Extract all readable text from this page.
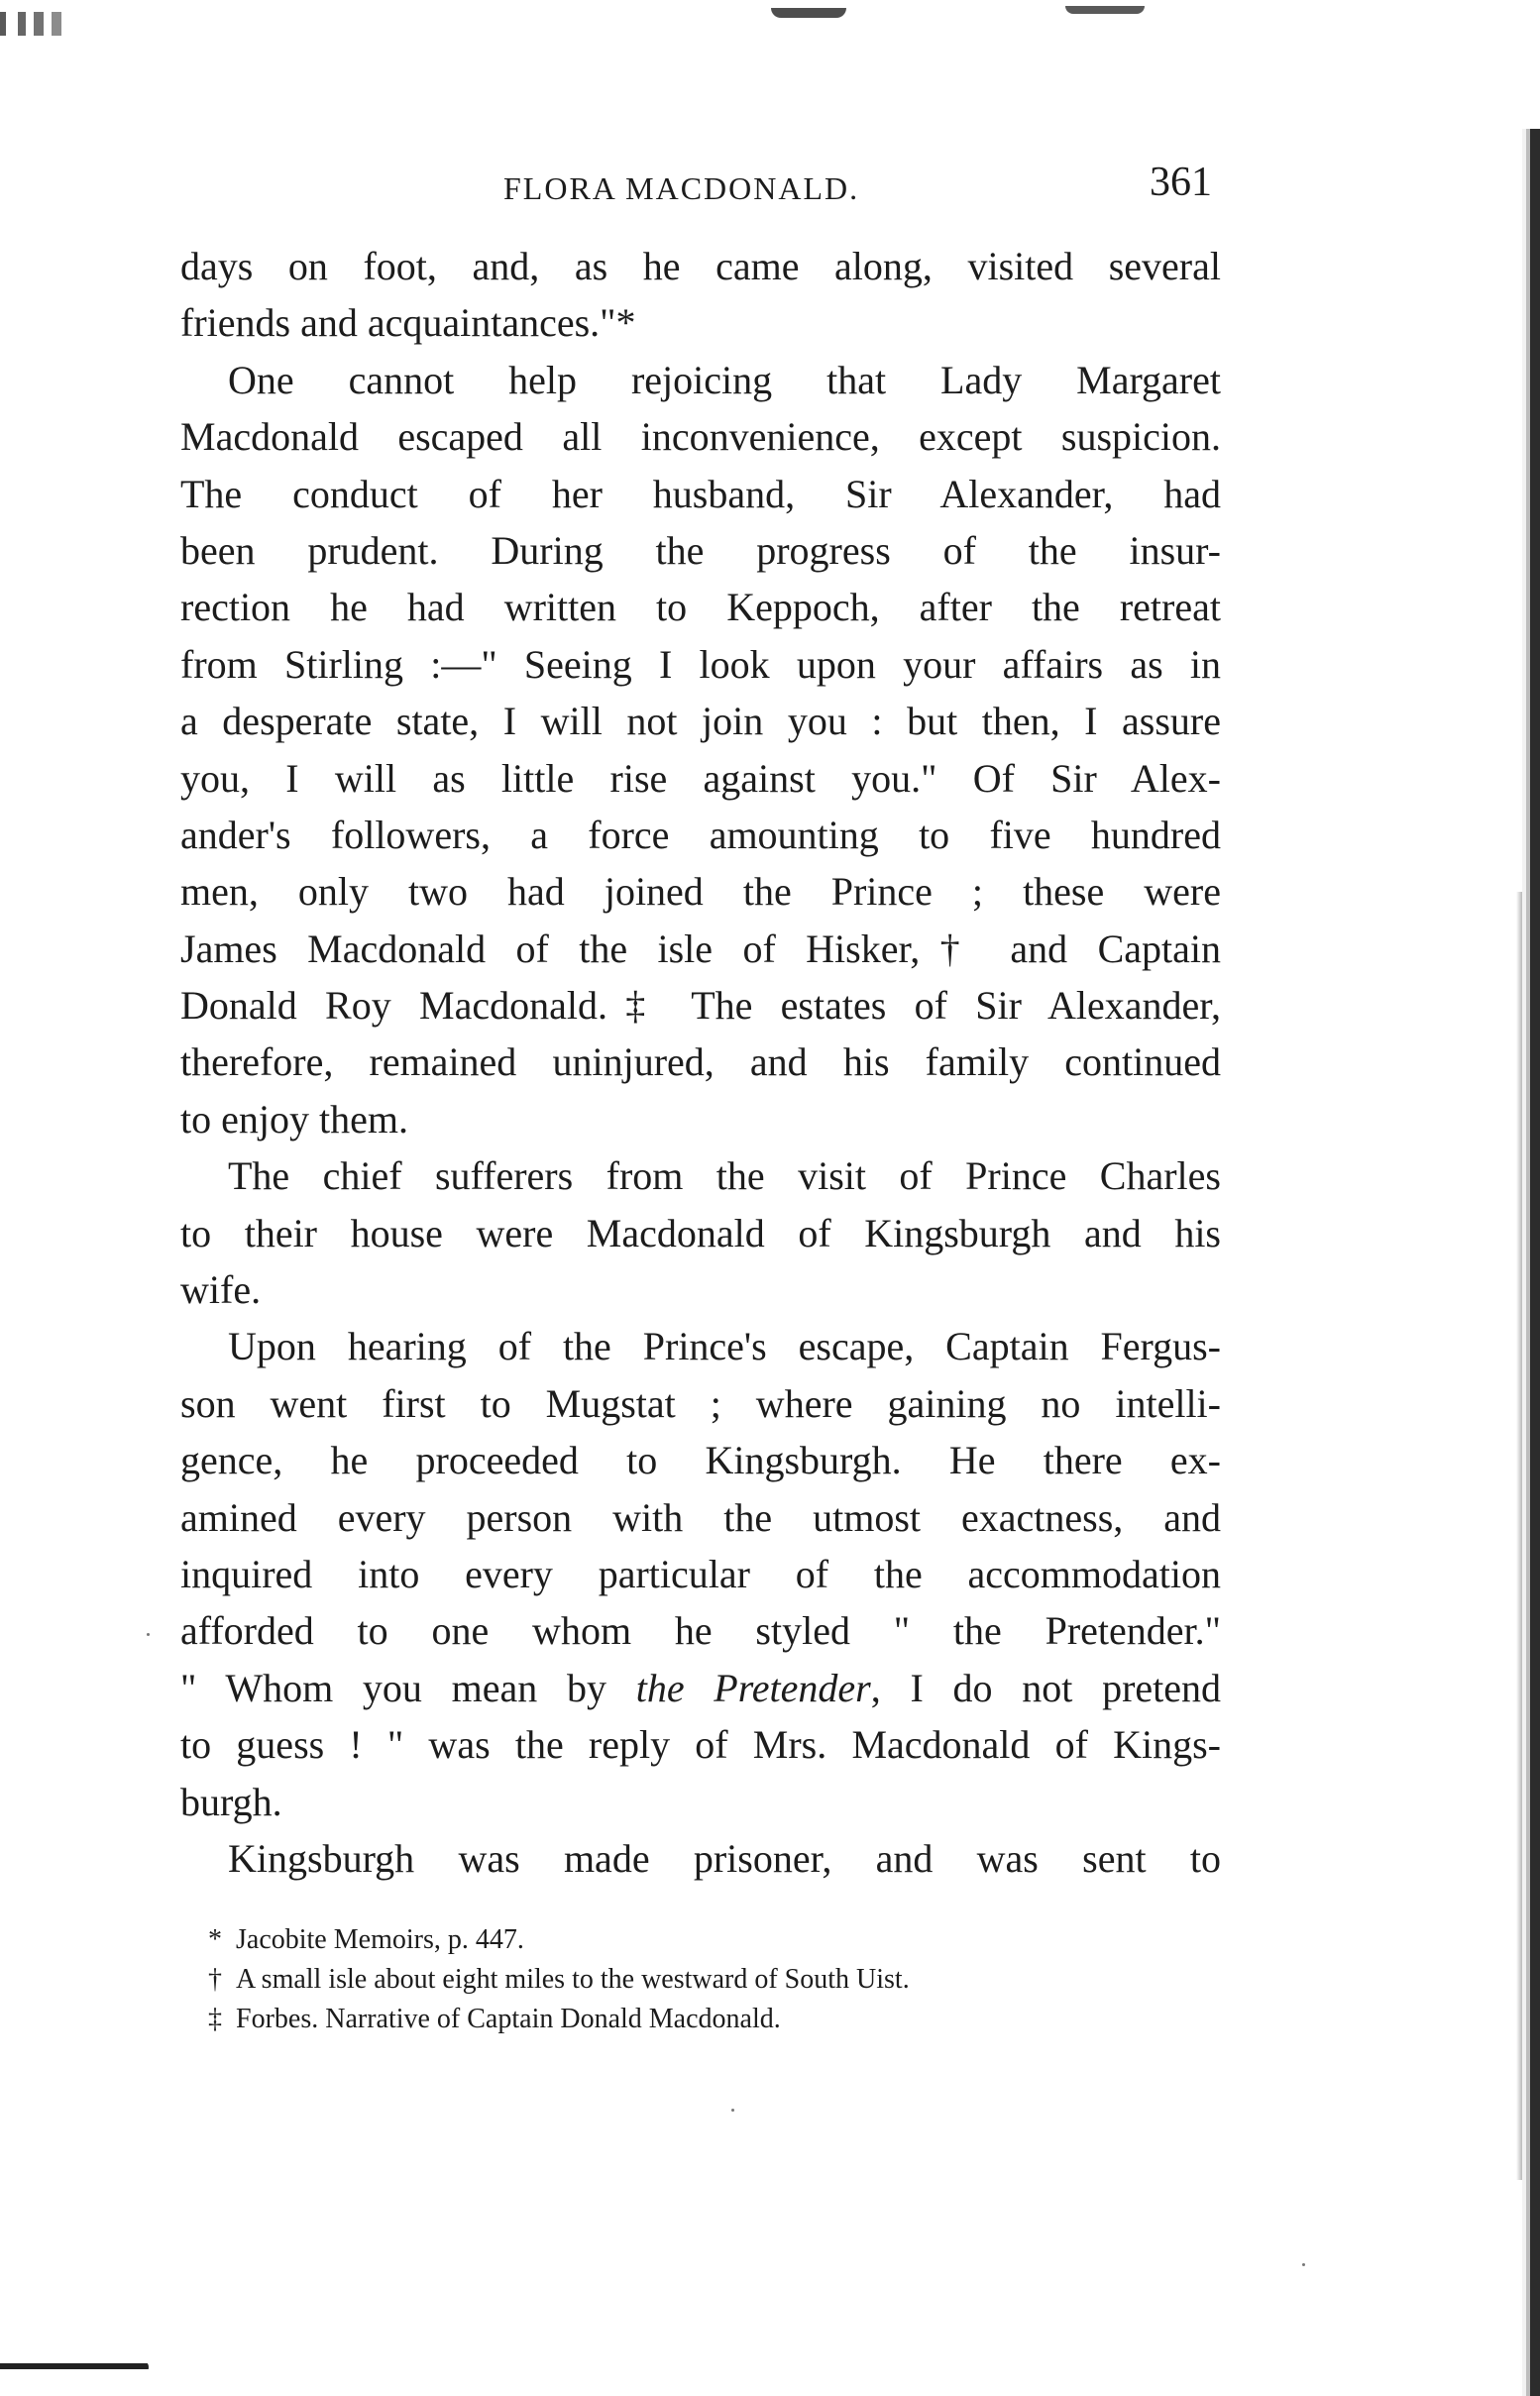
FLORA MACDONALD.	361
days on foot, and, as he came along, visited several
friends and acquaintances."*
One cannot help rejoicing that Lady Margaret
Macdonald escaped all inconvenience, except suspicion.
The conduct of her husband, Sir Alexander, had
been prudent. During the progress of the insur-
rection he had written to Keppoch, after the retreat
from Stirling :—" Seeing I look upon your affairs as in
a desperate state, I will not join you : but then, I assure
you, I will as little rise against you." Of Sir Alex-
ander's followers, a force amounting to five hundred
men, only two had joined the Prince ; these were
James Macdonald of the isle of Hisker,† and Captain
Donald Roy Macdonald.‡ The estates of Sir Alexander,
therefore, remained uninjured, and his family continued
to enjoy them.
The chief sufferers from the visit of Prince Charles
to their house were Macdonald of Kingsburgh and his
wife.
Upon hearing of the Prince's escape, Captain Fergus-
son went first to Mugstat ; where gaining no intelli-
gence, he proceeded to Kingsburgh. He there ex-
amined every person with the utmost exactness, and
inquired into every particular of the accommodation
afforded to one whom he styled " the Pretender."
" Whom you mean by the Pretender, I do not pretend
to guess ! " was the reply of Mrs. Macdonald of Kings-
burgh.
Kingsburgh was made prisoner, and was sent to
* Jacobite Memoirs, p. 447.
† A small isle about eight miles to the westward of South Uist.
‡ Forbes. Narrative of Captain Donald Macdonald.
